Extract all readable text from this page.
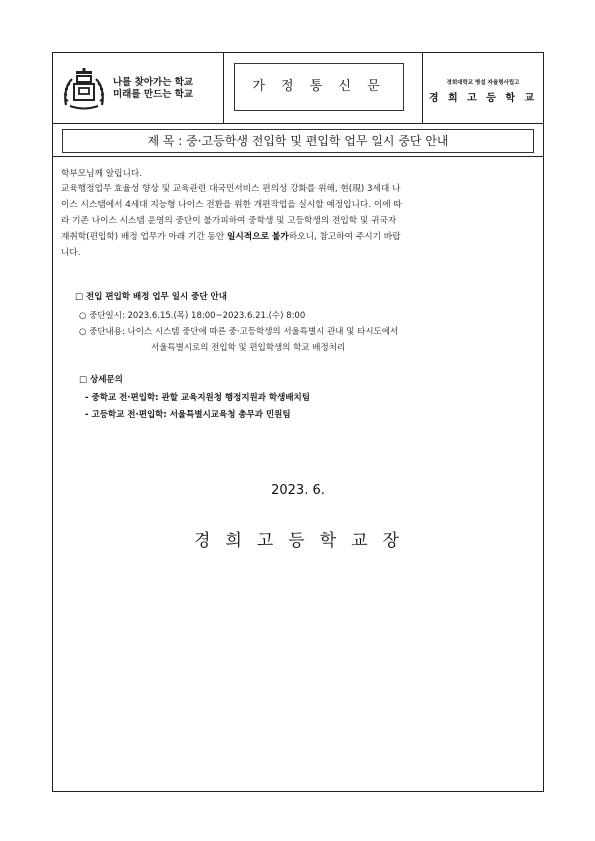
나를 찾아가는 학교
미래를 만드는 학교
가 정 통 신 문	경희대학교 병설 자율형사립고
경 희 고 등 학 교
제 목 : 중·고등학생 전입학 및 편입학 업무 일시 중단 안내
학부모님께 알립니다.
교육행정업무 효율성 향상 및 교육관련 대국민서비스 편의성 강화를 위해, 현(現) 3세대 나
이스 시스템에서 4세대 지능형 나이스 전환을 위한 개편작업을 실시할 예정입니다. 이에 따
라 기존 나이스 시스템 운영의 중단이 불가피하여 중학생 및 고등학생의 전입학 및 귀국자
재취학(편입학) 배정 업무가 아래 기간 동안 일시적으로 불가하오니, 참고하여 주시기 바랍
니다.
□ 전입 편입학 배정 업무 일시 중단 안내
○ 중단일시: 2023.6.15.(목) 18:00~2023.6.21.(수) 8:00
○ 중단내용: 나이스 시스템 중단에 따른 중·고등학생의 서울특별시 관내 및 타시도에서
서울특별시로의 전입학 및 편입학생의 학교 배정처리
□ 상세문의
- 중학교 전·편입학: 관할 교육지원청 행정지원과 학생배치팀
- 고등학교 전·편입학: 서울특별시교육청 총무과 민원팀
2023. 6.
경희고등학교장
